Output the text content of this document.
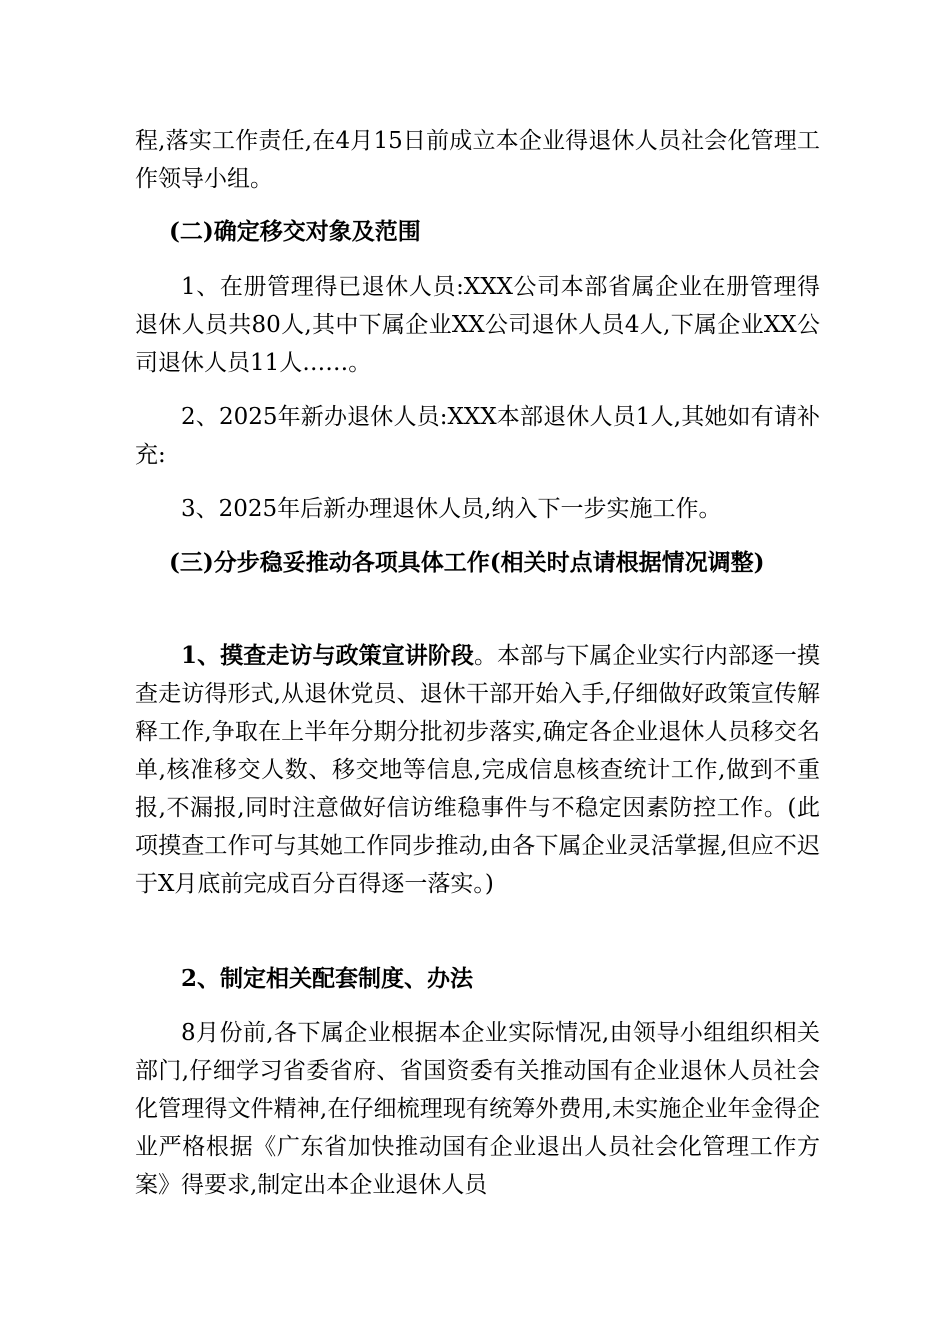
程,落实工作责任,在4月15日前成立本企业得退休人员社会化管理工作领导小组。
(二)确定移交对象及范围
1、在册管理得已退休人员:XXX公司本部省属企业在册管理得退休人员共80人,其中下属企业XX公司退休人员4人,下属企业XX公司退休人员11人……。
2、2025年新办退休人员:XXX本部退休人员1人,其她如有请补充:
3、2025年后新办理退休人员,纳入下一步实施工作。
(三)分步稳妥推动各项具体工作(相关时点请根据情况调整)
1、摸查走访与政策宣讲阶段。本部与下属企业实行内部逐一摸查走访得形式,从退休党员、退休干部开始入手,仔细做好政策宣传解释工作,争取在上半年分期分批初步落实,确定各企业退休人员移交名单,核准移交人数、移交地等信息,完成信息核查统计工作,做到不重报,不漏报,同时注意做好信访维稳事件与不稳定因素防控工作。(此项摸查工作可与其她工作同步推动,由各下属企业灵活掌握,但应不迟于X月底前完成百分百得逐一落实。)
2、制定相关配套制度、办法
8月份前,各下属企业根据本企业实际情况,由领导小组组织相关部门,仔细学习省委省府、省国资委有关推动国有企业退休人员社会化管理得文件精神,在仔细梳理现有统筹外费用,未实施企业年金得企业严格根据《广东省加快推动国有企业退出人员社会化管理工作方案》得要求,制定出本企业退休人员
